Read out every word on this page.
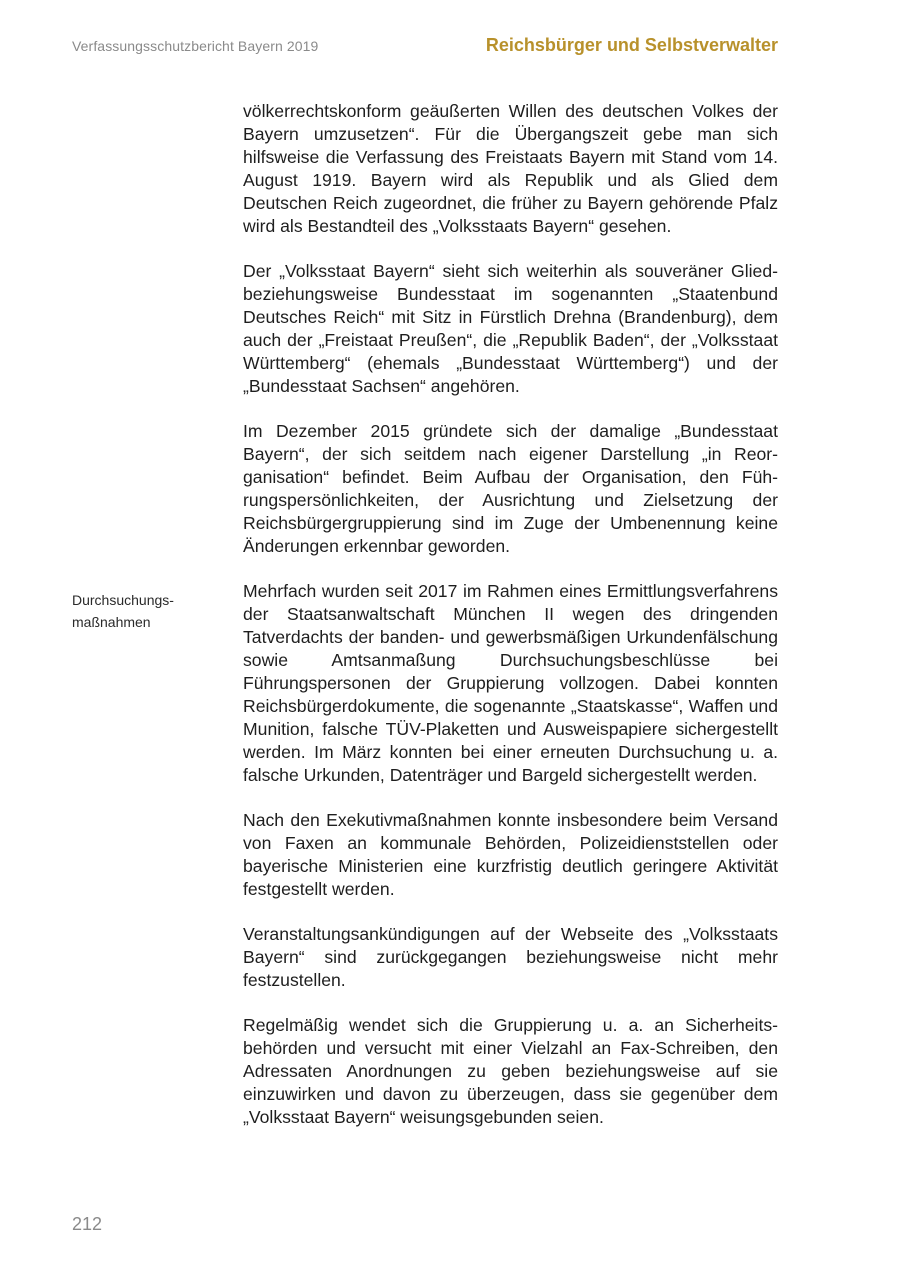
Verfassungsschutzbericht Bayern 2019	Reichsbürger und Selbstverwalter
Durchsuchungs-
maßnahmen

völkerrechtskonform geäußerten Willen des deutschen Volkes der Bayern umzusetzen“. Für die Übergangszeit gebe man sich hilfsweise die Verfassung des Freistaats Bayern mit Stand vom 14. August 1919. Bayern wird als Republik und als Glied dem Deutschen Reich zugeordnet, die früher zu Bayern gehörende Pfalz wird als Bestandteil des „Volksstaats Bayern“ gesehen.

Der „Volksstaat Bayern“ sieht sich weiterhin als souveräner Glied- beziehungsweise Bundesstaat im sogenannten „Staatenbund Deutsches Reich“ mit Sitz in Fürstlich Drehna (Brandenburg), dem auch der „Freistaat Preußen“, die „Republik Baden“, der „Volksstaat Württemberg“ (ehemals „Bundesstaat Württemberg“) und der „Bundesstaat Sachsen“ angehören.

Im Dezember 2015 gründete sich der damalige „Bundesstaat Bayern“, der sich seitdem nach eigener Darstellung „in Reorganisation“ befindet. Beim Aufbau der Organisation, den Führungspersönlichkeiten, der Ausrichtung und Zielsetzung der Reichsbürgergruppierung sind im Zuge der Umbenennung keine Änderungen erkennbar geworden.

Mehrfach wurden seit 2017 im Rahmen eines Ermittlungsverfahrens der Staatsanwaltschaft München II wegen des dringenden Tatverdachts der banden- und gewerbsmäßigen Urkundenfälschung sowie Amtsanmaßung Durchsuchungsbeschlüsse bei Führungspersonen der Gruppierung vollzogen. Dabei konnten Reichsbürgerdokumente, die sogenannte „Staatskasse“, Waffen und Munition, falsche TÜV-Plaketten und Ausweispapiere sichergestellt werden. Im März konnten bei einer erneuten Durchsuchung u. a. falsche Urkunden, Datenträger und Bargeld sichergestellt werden.

Nach den Exekutivmaßnahmen konnte insbesondere beim Versand von Faxen an kommunale Behörden, Polizeidienststellen oder bayerische Ministerien eine kurzfristig deutlich geringere Aktivität festgestellt werden.

Veranstaltungsankündigungen auf der Webseite des „Volksstaats Bayern“ sind zurückgegangen beziehungsweise nicht mehr festzustellen.

Regelmäßig wendet sich die Gruppierung u. a. an Sicherheitsbehörden und versucht mit einer Vielzahl an Fax-Schreiben, den Adressaten Anordnungen zu geben beziehungsweise auf sie einzuwirken und davon zu überzeugen, dass sie gegenüber dem „Volksstaat Bayern“ weisungsgebunden seien.

212
